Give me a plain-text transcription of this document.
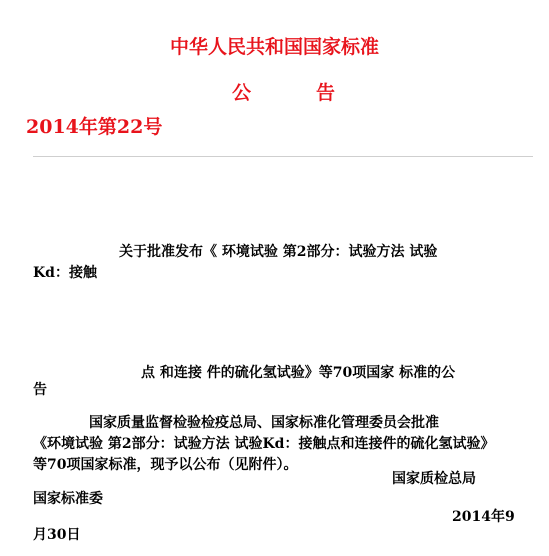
中华人民共和国国家标准
公	告
2014年第22号
关于批准发布《 环境试验 第2部分：试验方法 试验
Kd：接触
点 和连接 件的硫化氢试验》等70项国家 标准的公
告
国家质量监督检验检疫总局、国家标准化管理委员会批准
《环境试验 第2部分：试验方法 试验Kd：接触点和连接件的硫化氢试验》
等70项国家标准，现予以公布（见附件）。
国家质检总局
国家标准委
2014年9
月30日
